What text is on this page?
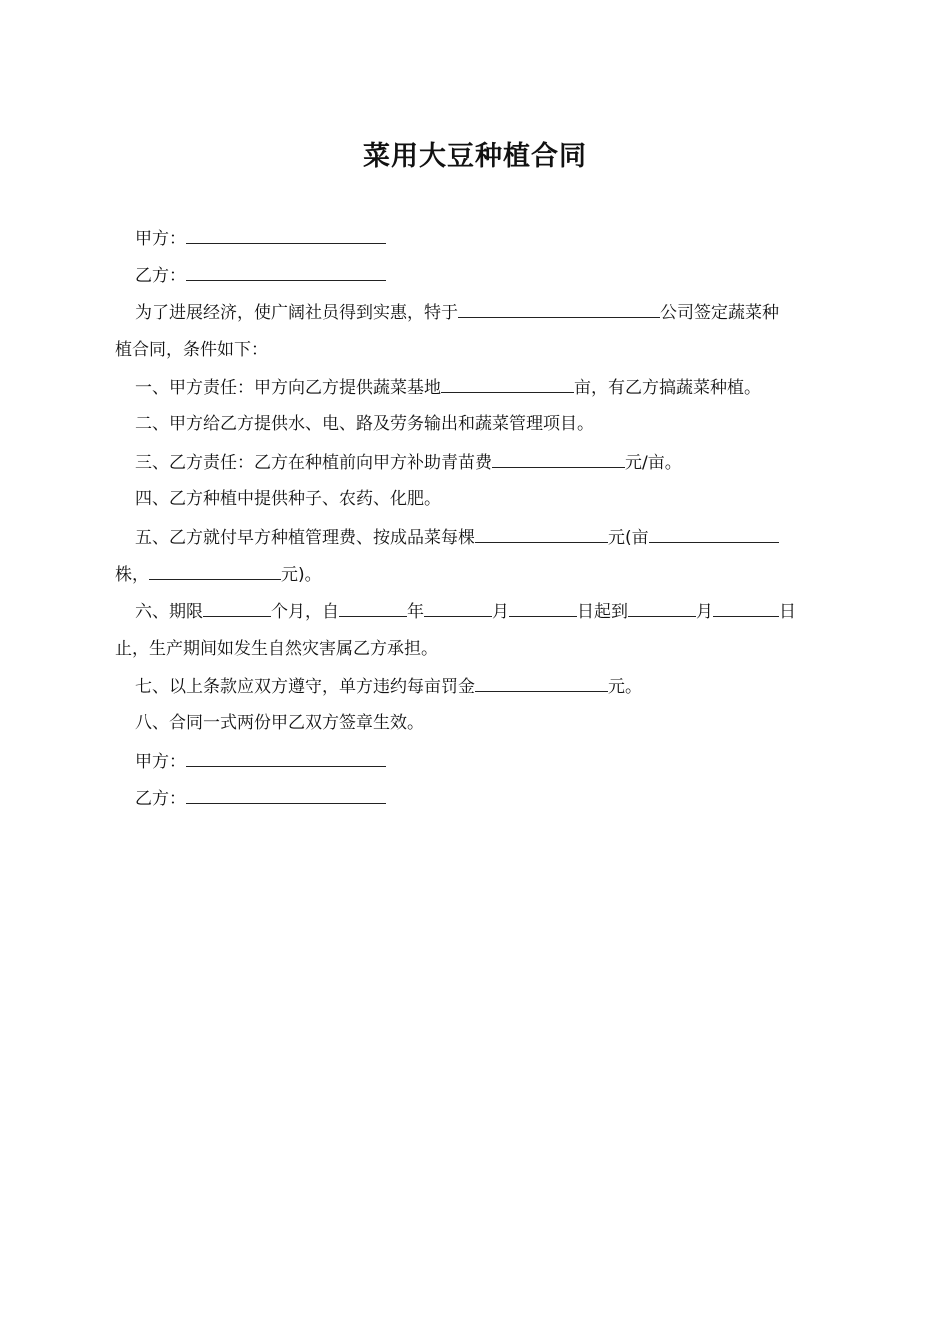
菜用大豆种植合同
甲方：
乙方：
为了进展经济，使广阔社员得到实惠，特于	公司签定蔬菜种
植合同，条件如下：
一、甲方责任：甲方向乙方提供蔬菜基地	亩，有乙方搞蔬菜种植。
二、甲方给乙方提供水、电、路及劳务输出和蔬菜管理项目。
三、乙方责任：乙方在种植前向甲方补助青苗费	元/亩。
四、乙方种植中提供种子、农药、化肥。
五、乙方就付早方种植管理费、按成品菜每棵	元(亩
株，	元)。
六、期限	个月，自	年	月	日起到	月	日
止，生产期间如发生自然灾害属乙方承担。
七、以上条款应双方遵守，单方违约每亩罚金	元。
八、合同一式两份甲乙双方签章生效。
甲方：
乙方：
